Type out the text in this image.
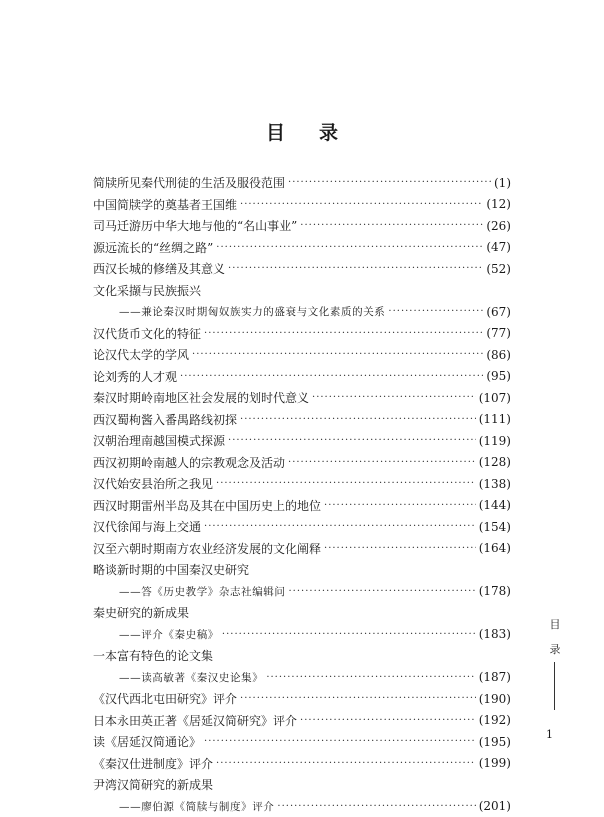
目录
简牍所见秦代刑徒的生活及服役范围 ·····	(1)
中国简牍学的奠基者王国维 ·····	(12)
司马迁游历中华大地与他的“名山事业” ·····	(26)
源远流长的“丝绸之路” ·····	(47)
西汉长城的修缮及其意义 ·····	(52)
文化采撷与民族振兴
——兼论秦汉时期匈奴族实力的盛衰与文化素质的关系 ·····	(67)
汉代货币文化的特征 ·····	(77)
论汉代太学的学风 ·····	(86)
论刘秀的人才观 ·····	(95)
秦汉时期岭南地区社会发展的划时代意义 ·····	(107)
西汉蜀枸酱入番禺路线初探 ·····	(111)
汉朝治理南越国模式探源 ·····	(119)
西汉初期岭南越人的宗教观念及活动 ·····	(128)
汉代始安县治所之我见 ·····	(138)
西汉时期雷州半岛及其在中国历史上的地位 ·····	(144)
汉代徐闻与海上交通 ·····	(154)
汉至六朝时期南方农业经济发展的文化阐释 ·····	(164)
略谈新时期的中国秦汉史研究
——答《历史教学》杂志社编辑问 ·····	(178)
秦史研究的新成果
——评介《秦史稿》 ·····	(183)
一本富有特色的论文集
——读高敏著《秦汉史论集》 ·····	(187)
《汉代西北屯田研究》评介 ·····	(190)
日本永田英正著《居延汉简研究》评介 ·····	(192)
读《居延汉简通论》 ·····	(195)
《秦汉仕进制度》评介 ·····	(199)
尹湾汉简研究的新成果
——廖伯源《简牍与制度》评介 ·····	(201)
目
录
1
